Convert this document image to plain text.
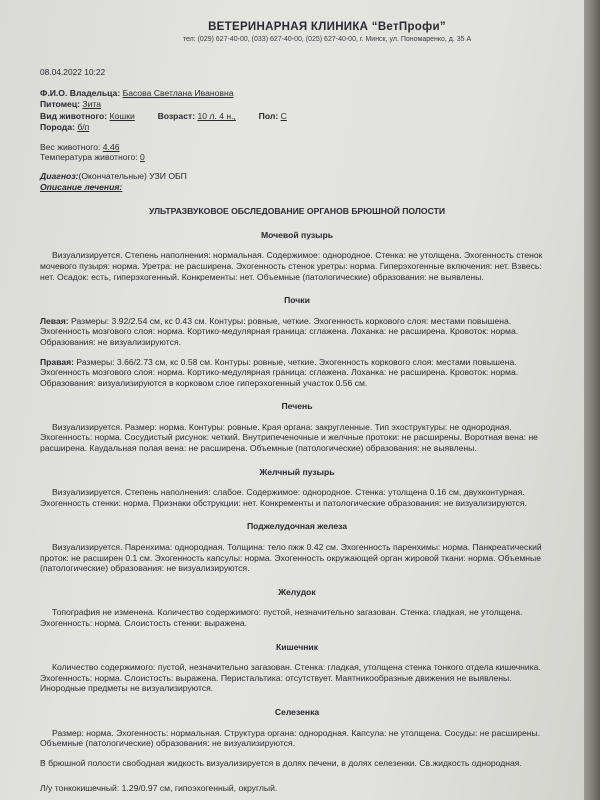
ВЕТЕРИНАРНАЯ КЛИНИКА “ВетПрофи”
тел: (029) 627-40-00, (033) 627-40-00, (025) 627-40-00, г. Минск, ул. Пономаренко, д. 35 А
08.04.2022 10:22
Ф.И.О. Владельца: Басова Светлана Ивановна
Питомец: Зита
Вид животного: Кошки	Возраст: 10 л. 4 н.,	Пол: С
Порода: б/п
Вес животного: 4.46
Температура животного: 0
Диагноз:(Окончательные) УЗИ ОБП
Описание лечения:
УЛЬТРАЗВУКОВОЕ ОБСЛЕДОВАНИЕ ОРГАНОВ БРЮШНОЙ ПОЛОСТИ
Мочевой пузырь

Визуализируется. Степень наполнения: нормальная. Содержимое: однородное. Стенка: не утолщена. Эхогенность стенок мочевого пузыря: норма. Уретра: не расширена. Эхогенность стенок уретры: норма. Гиперэхогенные включения: нет. Взвесь: нет. Осадок: есть, гиперэхогенный. Конкременты: нет. Объемные (патологические) образования: не выявлены.

Почки

Левая: Размеры: 3.92/2.54 см, кс 0.43 см. Контуры: ровные, четкие. Эхогенность коркового слоя: местами повышена. Эхогенность мозгового слоя: норма. Кортико-медулярная граница: сглажена. Лоханка: не расширена. Кровоток: норма. Образования: не визуализируются.

Правая: Размеры: 3.66/2.73 см, кс 0.58 см. Контуры: ровные, четкие. Эхогенность коркового слоя: местами повышена. Эхогенность мозгового слоя: норма. Кортико-медулярная граница: сглажена. Лоханка: не расширена. Кровоток: норма. Образования: визуализируются в корковом слое гиперэхогенный участок 0.56 см.

Печень

Визуализируется. Размер: норма. Контуры: ровные. Края органа: закругленные. Тип эхоструктуры: не однородная. Эхогенность: норма. Сосудистый рисунок: четкий. Внутрипеченочные и желчные протоки: не расширены. Воротная вена: не расширена. Каудальная полая вена: не расширена. Объемные (патологические) образования: не выявлены.

Желчный пузырь

Визуализируется. Степень наполнения: слабое. Содержимое: однородное. Стенка: утолщена 0.16 см, двухконтурная. Эхогенность стенки: норма. Признаки обструкции: нет. Конкременты и патологические образования: не визуализируются.

Поджелудочная железа

Визуализируется. Паренхима: однородная. Толщина: тело пжж 0.42 см. Эхогенность паренхимы: норма. Панкреатический проток: не расширен 0.1 см. Эхогенность капсулы: норма. Эхогенность окружающей орган жировой ткани: норма. Объемные (патологические) образования: не визуализируются.

Желудок

Топография не изменена. Количество содержимого: пустой, незначительно загазован. Стенка: гладкая, не утолщена. Эхогенность: норма. Слоистость стенки: выражена.

Кишечник

Количество содержимого: пустой, незначительно загазован. Стенка: гладкая, утолщена стенка тонкого отдела кишечника. Эхогенность: норма. Слоистость: выражена. Перистальтика: отсутствует. Маятникообразные движения не выявлены. Инородные предметы не визуализируются.

Селезенка

Размер: норма. Эхогенность: нормальная. Структура органа: однородная. Капсула: не утолщена. Сосуды: не расширены. Объемные (патологические) образования: не визуализируются.

В брюшной полости свободная жидкость визуализируется в долях печени, в долях селезенки. Св.жидкость однородная.

Л/у тонкокишечный: 1.29/0.97 см, гипоэхогенный, округлый.
